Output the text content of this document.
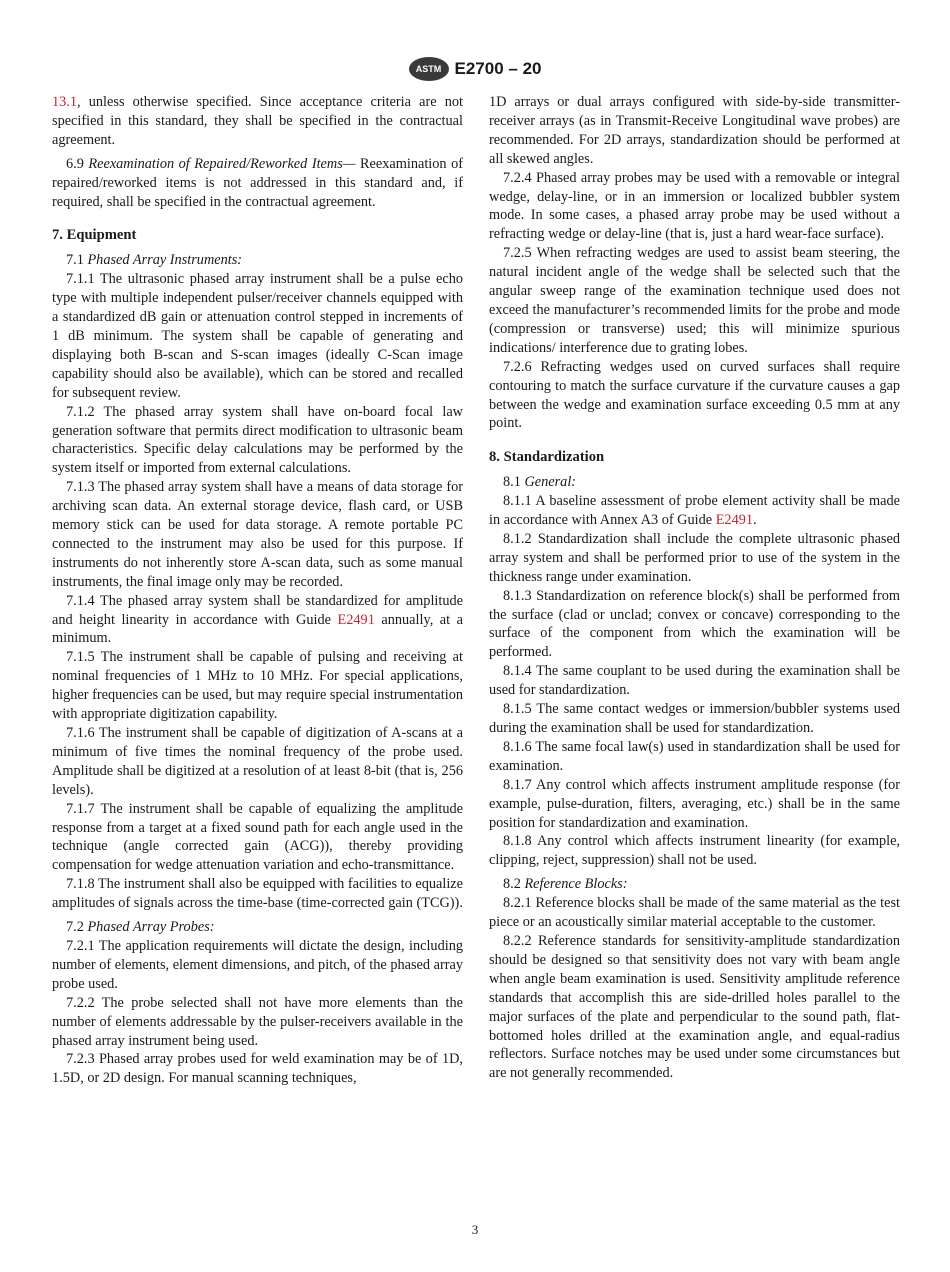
ASTM E2700 – 20

13.1, unless otherwise specified. Since acceptance criteria are not specified in this standard, they shall be specified in the contractual agreement.

6.9 Reexamination of Repaired/Reworked Items— Reexamination of repaired/reworked items is not addressed in this standard and, if required, shall be specified in the contractual agreement.

7. Equipment

7.1 Phased Array Instruments:

7.1.1 The ultrasonic phased array instrument shall be a pulse echo type with multiple independent pulser/receiver channels equipped with a standardized dB gain or attenuation control stepped in increments of 1 dB minimum. The system shall be capable of generating and displaying both B-scan and S-scan images (ideally C-Scan image capability should also be available), which can be stored and recalled for subsequent review.

7.1.2 The phased array system shall have on-board focal law generation software that permits direct modification to ultrasonic beam characteristics. Specific delay calculations may be performed by the system itself or imported from external calculations.

7.1.3 The phased array system shall have a means of data storage for archiving scan data. An external storage device, flash card, or USB memory stick can be used for data storage. A remote portable PC connected to the instrument may also be used for this purpose. If instruments do not inherently store A-scan data, such as some manual instruments, the final image only may be recorded.

7.1.4 The phased array system shall be standardized for amplitude and height linearity in accordance with Guide E2491 annually, at a minimum.

7.1.5 The instrument shall be capable of pulsing and receiving at nominal frequencies of 1 MHz to 10 MHz. For special applications, higher frequencies can be used, but may require special instrumentation with appropriate digitization capability.

7.1.6 The instrument shall be capable of digitization of A-scans at a minimum of five times the nominal frequency of the probe used. Amplitude shall be digitized at a resolution of at least 8-bit (that is, 256 levels).

7.1.7 The instrument shall be capable of equalizing the amplitude response from a target at a fixed sound path for each angle used in the technique (angle corrected gain (ACG)), thereby providing compensation for wedge attenuation variation and echo-transmittance.

7.1.8 The instrument shall also be equipped with facilities to equalize amplitudes of signals across the time-base (time-corrected gain (TCG)).

7.2 Phased Array Probes:

7.2.1 The application requirements will dictate the design, including number of elements, element dimensions, and pitch, of the phased array probe used.

7.2.2 The probe selected shall not have more elements than the number of elements addressable by the pulser-receivers available in the phased array instrument being used.

7.2.3 Phased array probes used for weld examination may be of 1D, 1.5D, or 2D design. For manual scanning techniques,

1D arrays or dual arrays configured with side-by-side transmitter-receiver arrays (as in Transmit-Receive Longitudinal wave probes) are recommended. For 2D arrays, standardization should be performed at all skewed angles.

7.2.4 Phased array probes may be used with a removable or integral wedge, delay-line, or in an immersion or localized bubbler system mode. In some cases, a phased array probe may be used without a refracting wedge or delay-line (that is, just a hard wear-face surface).

7.2.5 When refracting wedges are used to assist beam steering, the natural incident angle of the wedge shall be selected such that the angular sweep range of the examination technique used does not exceed the manufacturer’s recommended limits for the probe and mode (compression or transverse) used; this will minimize spurious indications/ interference due to grating lobes.

7.2.6 Refracting wedges used on curved surfaces shall require contouring to match the surface curvature if the curvature causes a gap between the wedge and examination surface exceeding 0.5 mm at any point.

8. Standardization

8.1 General:

8.1.1 A baseline assessment of probe element activity shall be made in accordance with Annex A3 of Guide E2491.

8.1.2 Standardization shall include the complete ultrasonic phased array system and shall be performed prior to use of the system in the thickness range under examination.

8.1.3 Standardization on reference block(s) shall be performed from the surface (clad or unclad; convex or concave) corresponding to the surface of the component from which the examination will be performed.

8.1.4 The same couplant to be used during the examination shall be used for standardization.

8.1.5 The same contact wedges or immersion/bubbler systems used during the examination shall be used for standardization.

8.1.6 The same focal law(s) used in standardization shall be used for examination.

8.1.7 Any control which affects instrument amplitude response (for example, pulse-duration, filters, averaging, etc.) shall be in the same position for standardization and examination.

8.1.8 Any control which affects instrument linearity (for example, clipping, reject, suppression) shall not be used.

8.2 Reference Blocks:

8.2.1 Reference blocks shall be made of the same material as the test piece or an acoustically similar material acceptable to the customer.

8.2.2 Reference standards for sensitivity-amplitude standardization should be designed so that sensitivity does not vary with beam angle when angle beam examination is used. Sensitivity amplitude reference standards that accomplish this are side-drilled holes parallel to the major surfaces of the plate and perpendicular to the sound path, flat-bottomed holes drilled at the examination angle, and equal-radius reflectors. Surface notches may be used under some circumstances but are not generally recommended.

3
